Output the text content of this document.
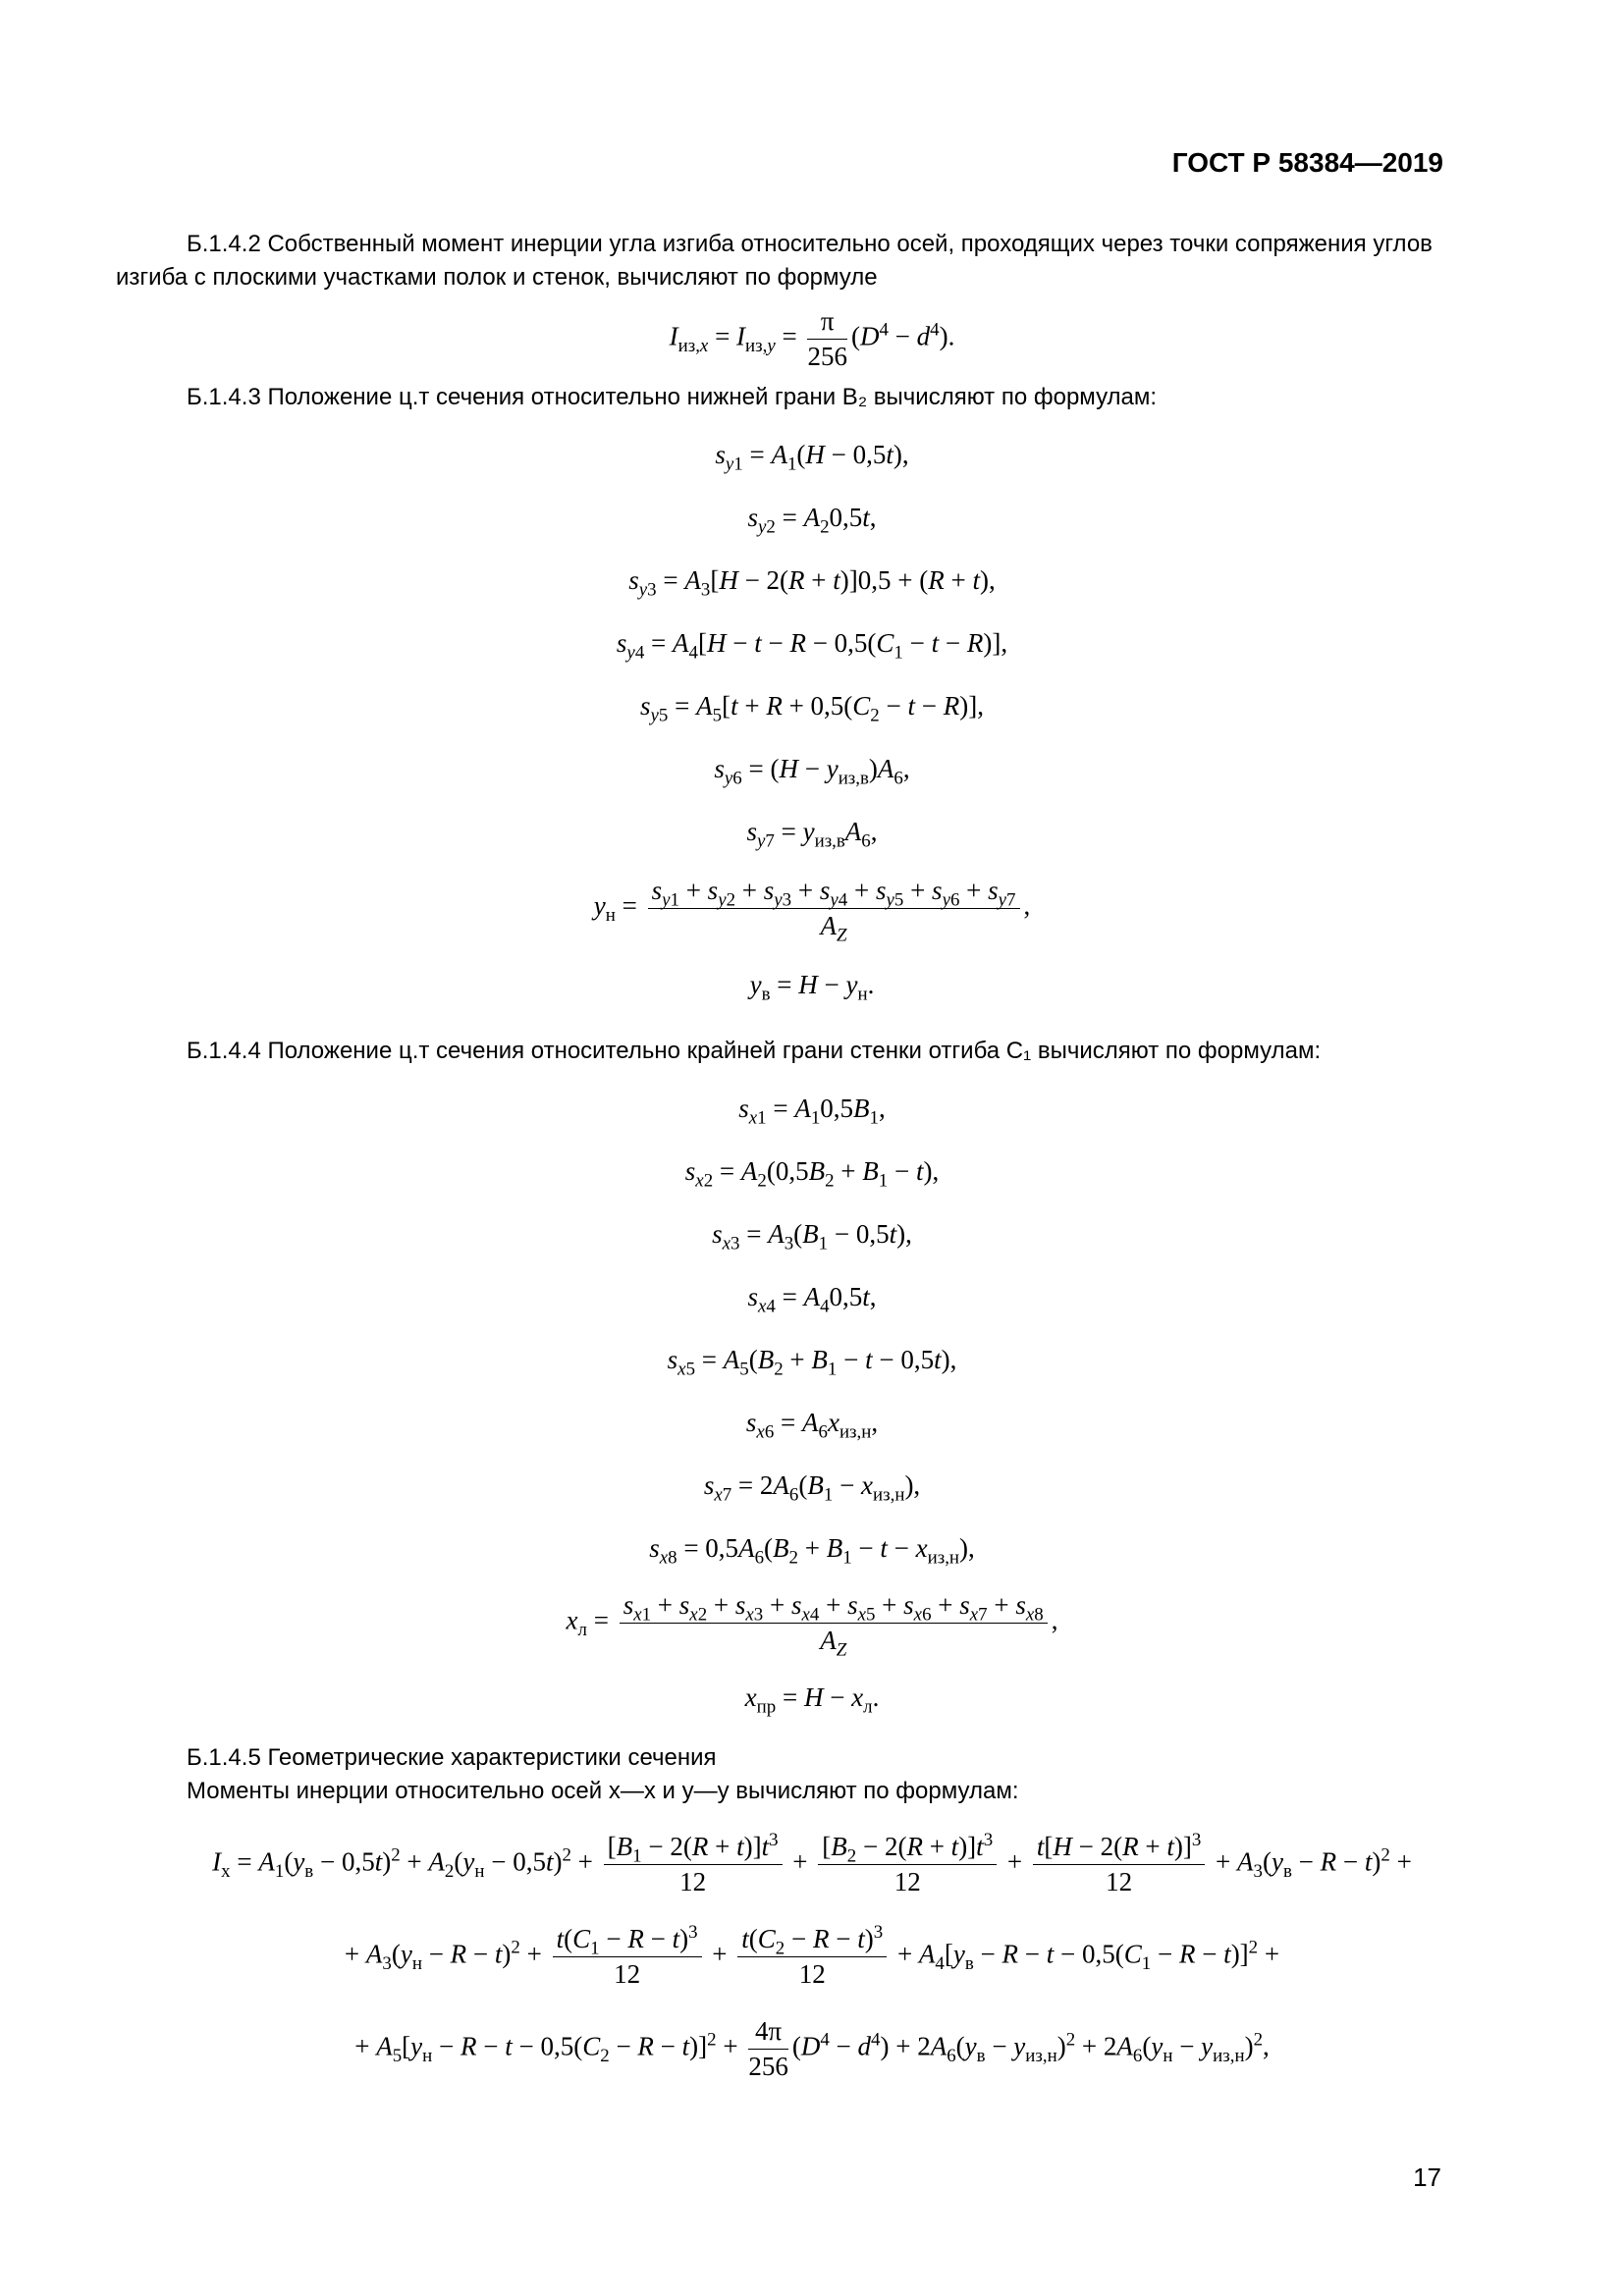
ГОСТ Р 58384—2019
Б.1.4.2 Собственный момент инерции угла изгиба относительно осей, проходящих через точки сопряжения углов изгиба с плоскими участками полок и стенок, вычисляют по формуле
$I_{из,x} = I_{из,y} = \frac{\pi}{256} (D^4 - d^4)$.
Б.1.4.3 Положение ц.т сечения относительно нижней грани B₂ вычисляют по формулам:
$s_{y1} = A_1(H - 0,5t)$,
$s_{y2} = A_20,5t$,
$s_{y3} = A_3[H - 2(R + t)]0,5 + (R + t)$,
$s_{y4} = A_4[H - t - R - 0,5(C_1 - t - R)]$,
$s_{y5} = A_5[t + R + 0,5(C_2 - t - R)]$,
$s_{y6} = (H - y_{из,в})A_6$,
$s_{y7} = y_{из,в}A_6$,
$y_н = \frac{s_{y1} + s_{y2} + s_{y3} + s_{y4} + s_{y5} + s_{y6} + s_{y7}}{A_Z}$ ,
$y_в = H - y_н$.
Б.1.4.4 Положение ц.т сечения относительно крайней грани стенки отгиба C₁ вычисляют по формулам:
$s_{x1} = A_10,5B_1$,
$s_{x2} = A_2(0,5B_2 + B_1 - t)$,
$s_{x3} = A_3(B_1 - 0,5t)$,
$s_{x4} = A_40,5t$,
$s_{x5} = A_5(B_2 + B_1 - t - 0,5t)$,
$s_{x6} = A_6x_{из,н}$,
$s_{x7} = 2A_6(B_1 - x_{из,н})$,
$s_{x8} = 0,5A_6(B_2 + B_1 - t - x_{из,н})$,
$x_л = \frac{s_{x1} + s_{x2} + s_{x3} + s_{x4} + s_{x5} + s_{x6} + s_{x7} + s_{x8}}{A_Z}$ ,
$x_{пр} = H - x_л$.
Б.1.4.5 Геометрические характеристики сечения
Моменты инерции относительно осей x—x и y—y вычисляют по формулам:
$I_x = A_1(y_в - 0,5t)^2 + A_2(y_н - 0,5t)^2 + \frac{[B_1 - 2(R + t)]t^3}{12} + \frac{[B_2 - 2(R + t)]t^3}{12} + \frac{t[H - 2(R + t)]^3}{12} + A_3(y_в - R - t)^2$ +
+ $A_3(y_н - R - t)^2 + \frac{t(C_1 - R - t)^3}{12} + \frac{t(C_2 - R - t)^3}{12} + A_4[y_в - R - t - 0,5(C_1 - R - t)]^2$ +
+ $A_5[y_н - R - t - 0,5(C_2 - R - t)]^2 + \frac{4\pi}{256} (D^4 - d^4) + 2A_6(y_в - y_{из,н})^2 + 2A_6(y_н - y_{из,н})^2$,
17
